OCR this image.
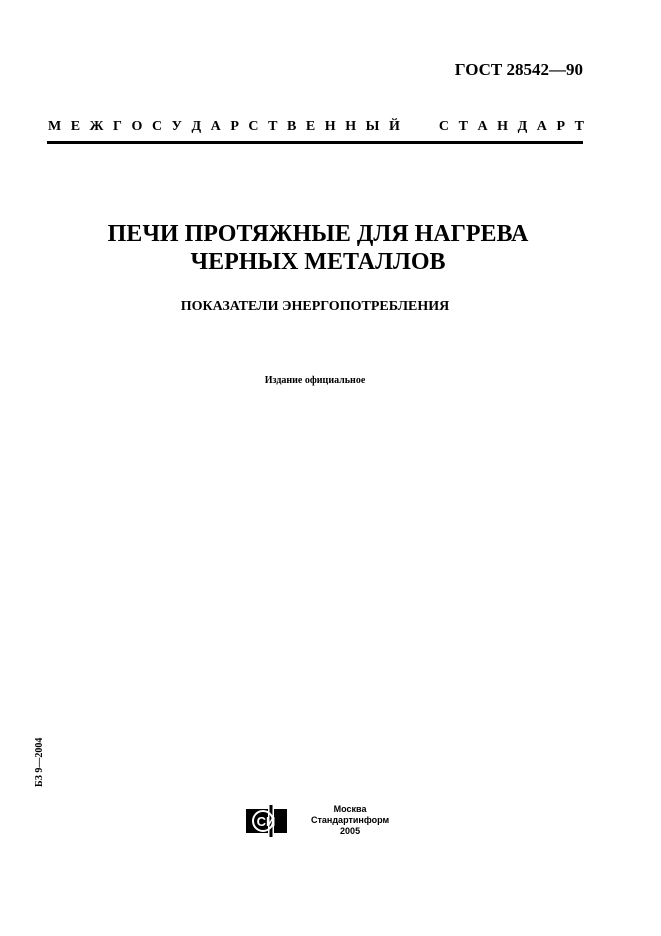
ГОСТ 28542—90
М Е Ж Г О С У Д А Р С Т В Е Н Н Ы Й	С Т А Н Д А Р Т
ПЕЧИ ПРОТЯЖНЫЕ ДЛЯ НАГРЕВА
ЧЕРНЫХ МЕТАЛЛОВ
ПОКАЗАТЕЛИ ЭНЕРГОПОТРЕБЛЕНИЯ
Издание официальное
БЗ 9—2004
СИ
Москва
Стандартинформ
2005
